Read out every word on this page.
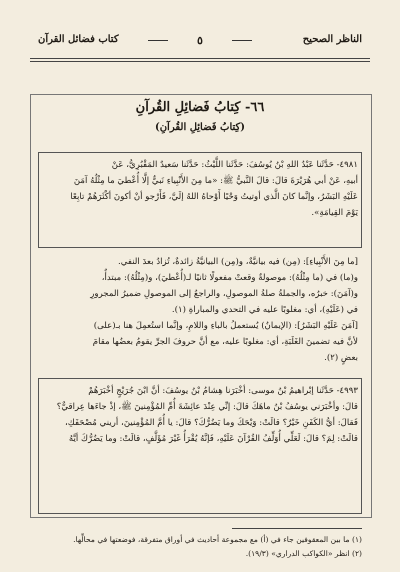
الناظر الصحيح
٥
كتاب فضائل القرآن
٦٦- كِتابُ فَضائِلِ القُرآنِ
(كِتابُ فَضائِلِ القُرآنِ)

٤٩٨١- حَدَّثَنا عَبْدُ اللهِ بْنُ يُوسُفَ: حَدَّثَنا اللَّيْثُ: حَدَّثَنا سَعيدٌ المَقْبُرِيُّ، عَنْ

أبيهِ، عَنْ أبي هُرَيْرَةَ قالَ: قالَ النَّبيُّ ﷺ: «ما مِنَ الأَنْبِياءِ نَبيٌّ إلَّا أُعْطيَ ما مِثْلُهُ آمَنَ

عَلَيْهِ البَشَرُ، وإنَّما كانَ الَّذي أوتيتُ وَحْيًا أَوْحاهُ اللهُ إلَيَّ، فَأَرْجو أنْ أكونَ أكْثَرَهُمْ تابِعًا

يَوْمَ القِيامَةِ».

[ما مِنَ الأَنْبِياءِ]: (مِن) فيه بيانيَّةٌ، و(مِن) البيانيَّةُ زائدةٌ، تُزادُ بعدَ النفي.

و(ما) في (ما مِثْلُهُ): موصولةٌ وقعتْ مفعولًا ثانيًا لـ(أُعْطيَ)، و(مِثْلُهُ): مبتدأٌ،

و(آمَنَ): خبرُه، والجملةُ صلةُ الموصولِ، والراجعُ إلى الموصولِ ضميرُ المجرورِ

في (عَلَيْهِ)، أي: مغلوبًا عليه في التحدي والمباراةِ (١).

[آمَنَ عَلَيْهِ البَشَرُ]: (الإيمانُ) يُستعملُ بالباءِ واللامِ، وإنَّما استُعمِلَ هنا بـ(على)

لأنَّ فيه تضمينَ الغَلَبَةِ، أي: مغلوبًا عليه، مع أنَّ حروفَ الجرِّ يقومُ بعضُها مقامَ

بعضٍ (٢).

٤٩٩٣- حَدَّثَنا إبْراهيمُ بْنُ موسى: أخْبَرَنا هِشامُ بْنُ يوسُفَ: أنَّ ابْنَ جُرَيْجٍ أخْبَرَهُمْ

قالَ: وأخْبَرَني يوسُفُ بْنُ ماهَكَ قالَ: إنِّي عِنْدَ عائِشَةَ أُمِّ المُؤْمِنينَ ﷺ، إذْ جاءَها عِراقيٌّ؟

فَقالَ: أيُّ الكَفَنِ خَيْرٌ؟ قالَتْ: وَيْحَكَ وما يَضُرُّكَ؟ قالَ: يا أُمَّ المُؤْمِنينَ، أريني مُصْحَفَكِ،

قالَتْ: لِمَ؟ قالَ: لَعَلِّي أُوَلِّفُ القُرْآنَ عَلَيْهِ، فَإنَّهُ يُقْرَأُ غَيْرَ مُؤَلَّفٍ، قالَتْ: وما يَضُرُّكَ أيَّهُ

(١) ما بين المعقوفين جاء في (أ) مع مجموعة أحاديث في أوراق متفرقة، فوضعتها في محالِّها.
(٢) انظر «الكواكب الدراري» (١٩/٣).
